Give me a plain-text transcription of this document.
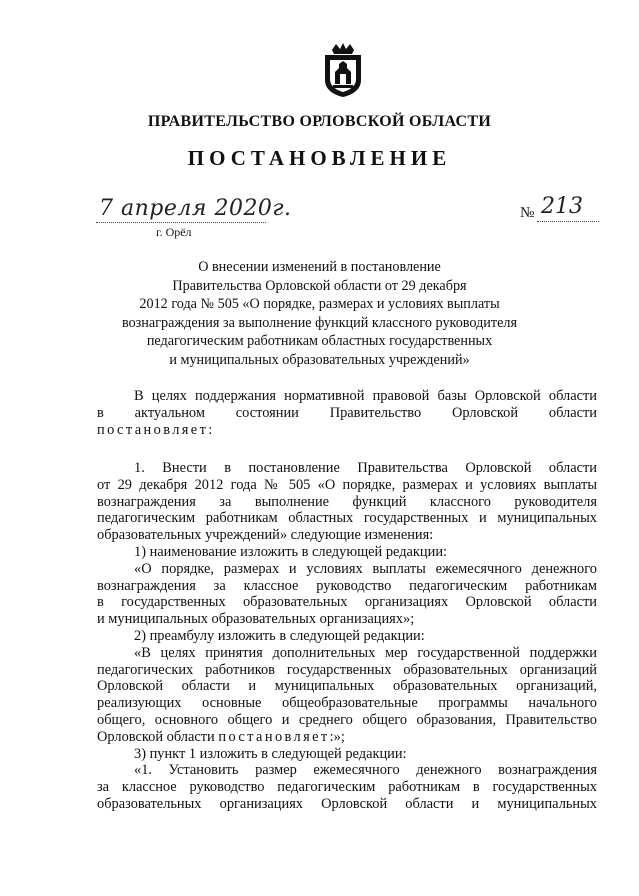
ПРАВИТЕЛЬСТВО ОРЛОВСКОЙ ОБЛАСТИ
ПОСТАНОВЛЕНИЕ
7 апреля 2020г.
г. Орёл
№ 213
О внесении изменений в постановление
Правительства Орловской области от 29 декабря
2012 года № 505 «О порядке, размерах и условиях выплаты
вознаграждения за выполнение функций классного руководителя
педагогическим работникам областных государственных
и муниципальных образовательных учреждений»
В целях поддержания нормативной правовой базы Орловской области
в актуальном состоянии Правительство Орловской области
постановляет:
1. Внести в постановление Правительства Орловской области
от 29 декабря 2012 года № 505 «О порядке, размерах и условиях выплаты
вознаграждения за выполнение функций классного руководителя
педагогическим работникам областных государственных и муниципальных
образовательных учреждений» следующие изменения:
1) наименование изложить в следующей редакции:
«О порядке, размерах и условиях выплаты ежемесячного денежного
вознаграждения за классное руководство педагогическим работникам
в государственных образовательных организациях Орловской области
и муниципальных образовательных организациях»;
2) преамбулу изложить в следующей редакции:
«В целях принятия дополнительных мер государственной поддержки
педагогических работников государственных образовательных организаций
Орловской области и муниципальных образовательных организаций,
реализующих основные общеобразовательные программы начального
общего, основного общего и среднего общего образования, Правительство
Орловской области постановляет:»;
3) пункт 1 изложить в следующей редакции:
«1. Установить размер ежемесячного денежного вознаграждения
за классное руководство педагогическим работникам в государственных
образовательных организациях Орловской области и муниципальных
